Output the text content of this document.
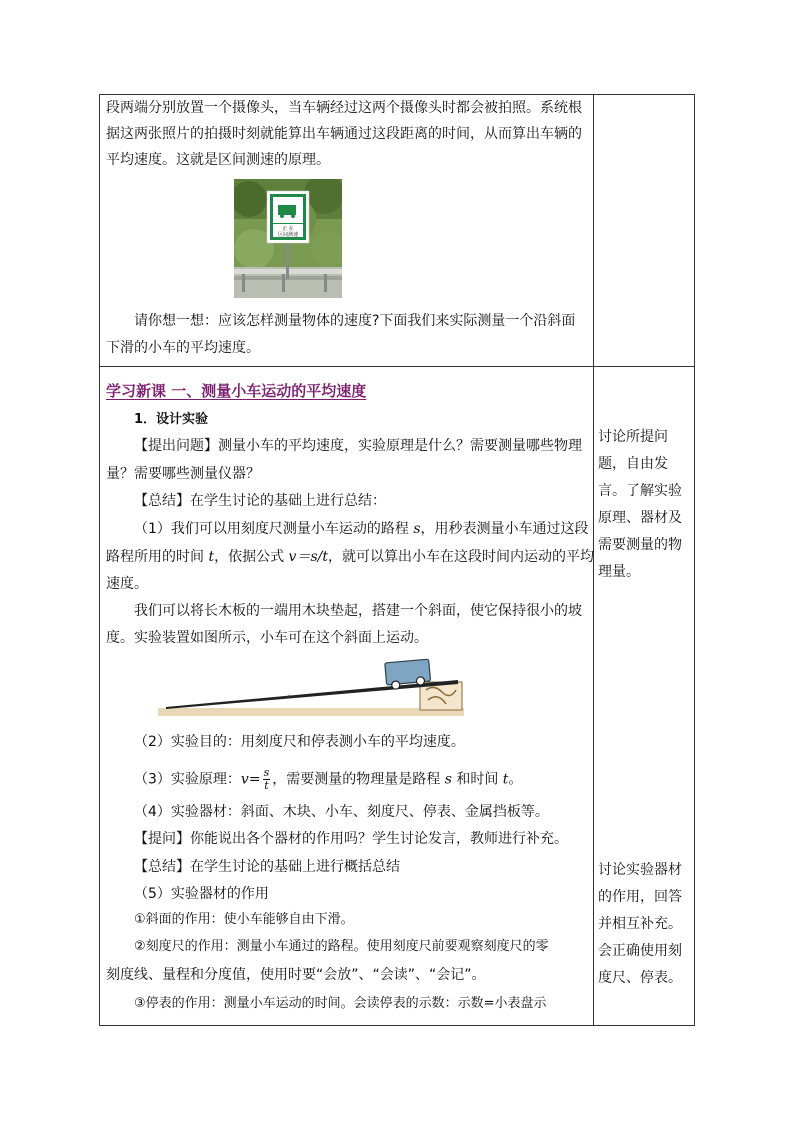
段两端分别放置一个摄像头，当车辆经过这两个摄像头时都会被拍照。系统根
据这两张照片的拍摄时刻就能算出车辆通过这段距离的时间，从而算出车辆的
平均速度。这就是区间测速的原理。
正 在
区间测速
请你想一想：应该怎样测量物体的速度?下面我们来实际测量一个沿斜面
下滑的小车的平均速度。
学习新课 一、测量小车运动的平均速度
1．设计实验
【提出问题】测量小车的平均速度，实验原理是什么？需要测量哪些物理
量？需要哪些测量仪器？
【总结】在学生讨论的基础上进行总结：
（1）我们可以用刻度尺测量小车运动的路程 s，用秒表测量小车通过这段
路程所用的时间 t，依据公式 v＝s/t，就可以算出小车在这段时间内运动的平均
速度。
我们可以将长木板的一端用木块垫起，搭建一个斜面，使它保持很小的坡
度。实验装置如图所示，小车可在这个斜面上运动。
（2）实验目的：用刻度尺和停表测小车的平均速度。
（3）实验原理：$v= \frac{s}{t}$ ，需要测量的物理量是路程 s 和时间 t。
（4）实验器材：斜面、木块、小车、刻度尺、停表、金属挡板等。
【提问】你能说出各个器材的作用吗？学生讨论发言，教师进行补充。
【总结】在学生讨论的基础上进行概括总结
（5）实验器材的作用
①斜面的作用：使小车能够自由下滑。
②刻度尺的作用：测量小车通过的路程。使用刻度尺前要观察刻度尺的零
刻度线、量程和分度值，使用时要“会放”、“会读”、“会记”。
③停表的作用：测量小车运动的时间。会读停表的示数：示数=小表盘示
讨论所提问
题，自由发
言。了解实验
原理、器材及
需要测量的物
理量。
讨论实验器材
的作用，回答
并相互补充。
会正确使用刻
度尺、停表。
